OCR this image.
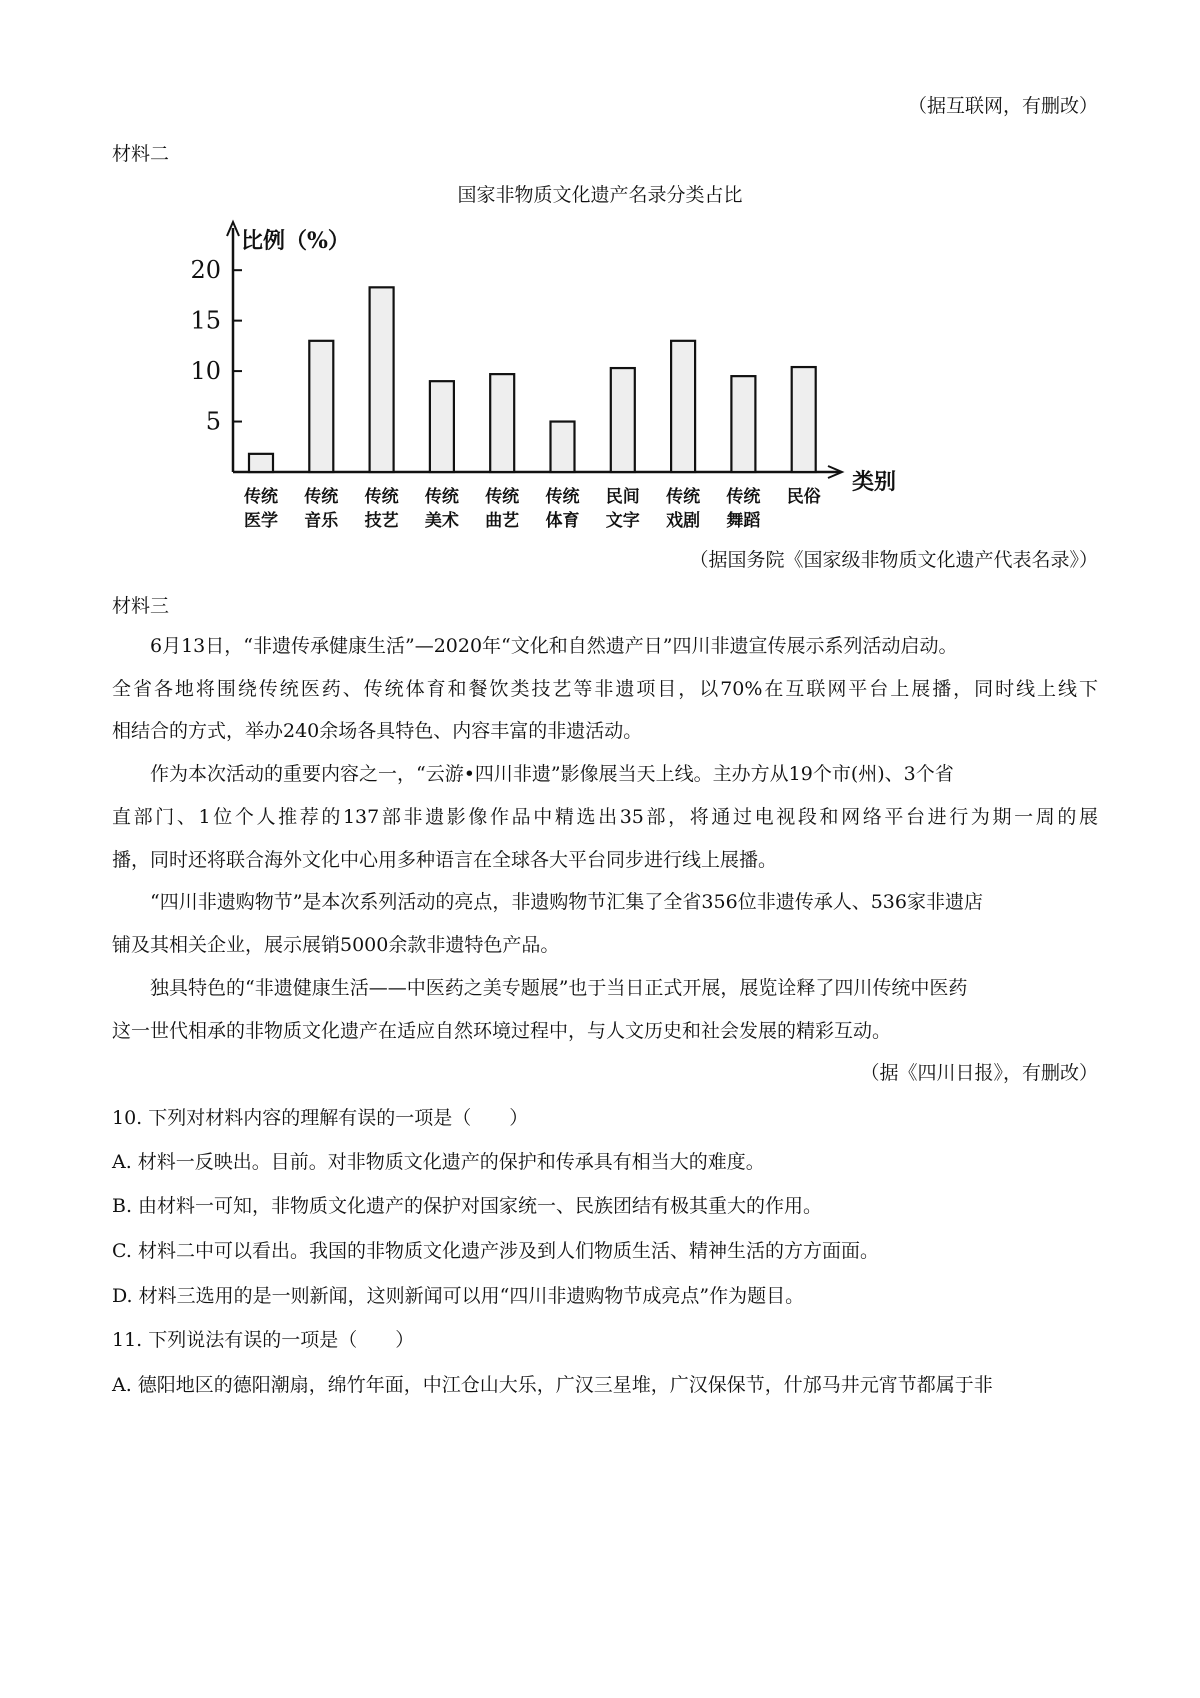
（据互联网，有删改）
材料二
国家非物质文化遗产名录分类占比
5
10
15
20
比例（%）
类别
传统
医学
传统
音乐
传统
技艺
传统
美术
传统
曲艺
传统
体育
民间
文字
传统
戏剧
传统
舞蹈
民俗
（据国务院《国家级非物质文化遗产代表名录》）
材料三
6月13日，“非遗传承健康生活”—2020年“文化和自然遗产日”四川非遗宣传展示系列活动启动。
全省各地将围绕传统医药、传统体育和餐饮类技艺等非遗项目，以70%在互联网平台上展播，同时线上线下
相结合的方式，举办240余场各具特色、内容丰富的非遗活动。
作为本次活动的重要内容之一，“云游•四川非遗”影像展当天上线。主办方从19个市(州)、3个省
直部门、1位个人推荐的137部非遗影像作品中精选出35部，将通过电视段和网络平台进行为期一周的展
播，同时还将联合海外文化中心用多种语言在全球各大平台同步进行线上展播。
“四川非遗购物节”是本次系列活动的亮点，非遗购物节汇集了全省356位非遗传承人、536家非遗店
铺及其相关企业，展示展销5000余款非遗特色产品。
独具特色的“非遗健康生活——中医药之美专题展”也于当日正式开展，展览诠释了四川传统中医药
这一世代相承的非物质文化遗产在适应自然环境过程中，与人文历史和社会发展的精彩互动。
（据《四川日报》，有删改）
10. 下列对材料内容的理解有误的一项是（　　）
A. 材料一反映出。目前。对非物质文化遗产的保护和传承具有相当大的难度。
B. 由材料一可知，非物质文化遗产的保护对国家统一、民族团结有极其重大的作用。
C. 材料二中可以看出。我国的非物质文化遗产涉及到人们物质生活、精神生活的方方面面。
D. 材料三选用的是一则新闻，这则新闻可以用“四川非遗购物节成亮点”作为题目。
11. 下列说法有误的一项是（　　）
A. 德阳地区的德阳潮扇，绵竹年面，中江仓山大乐，广汉三星堆，广汉保保节，什邡马井元宵节都属于非
